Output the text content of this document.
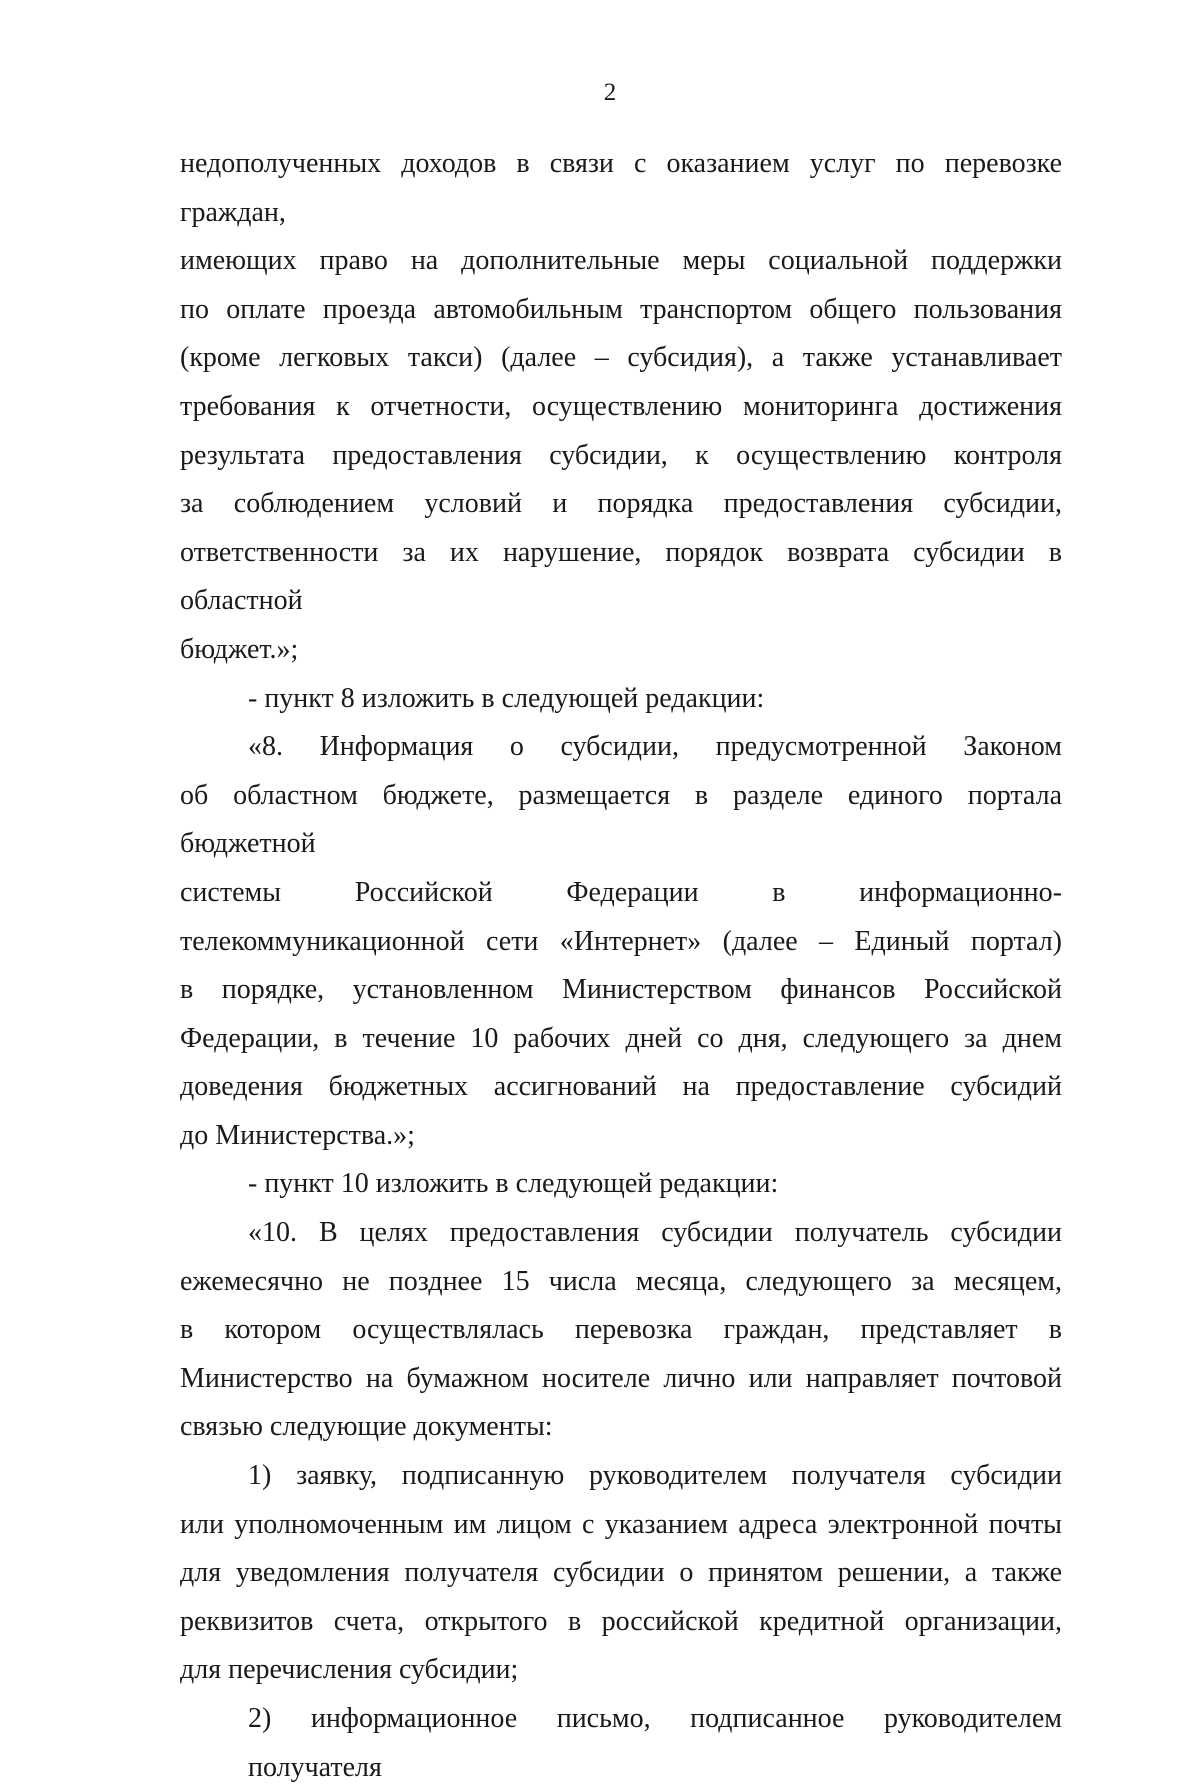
2
недополученных доходов в связи с оказанием услуг по перевозке граждан,
имеющих право на дополнительные меры социальной поддержки
по оплате проезда автомобильным транспортом общего пользования
(кроме легковых такси) (далее – субсидия), а также устанавливает
требования к отчетности, осуществлению мониторинга достижения
результата предоставления субсидии, к осуществлению контроля
за соблюдением условий и порядка предоставления субсидии,
ответственности за их нарушение, порядок возврата субсидии в областной
бюджет.»;
- пункт 8 изложить в следующей редакции:
«8. Информация о субсидии, предусмотренной Законом
об областном бюджете, размещается в разделе единого портала бюджетной
системы Российской Федерации в информационно-
телекоммуникационной сети «Интернет» (далее – Единый портал)
в порядке, установленном Министерством финансов Российской
Федерации, в течение 10 рабочих дней со дня, следующего за днем
доведения бюджетных ассигнований на предоставление субсидий
до Министерства.»;
- пункт 10 изложить в следующей редакции:
«10. В целях предоставления субсидии получатель субсидии
ежемесячно не позднее 15 числа месяца, следующего за месяцем,
в котором осуществлялась перевозка граждан, представляет в
Министерство на бумажном носителе лично или направляет почтовой
связью следующие документы:
1) заявку, подписанную руководителем получателя субсидии
или уполномоченным им лицом с указанием адреса электронной почты
для уведомления получателя субсидии о принятом решении, а также
реквизитов счета, открытого в российской кредитной организации,
для перечисления субсидии;
2) информационное письмо, подписанное руководителем получателя
